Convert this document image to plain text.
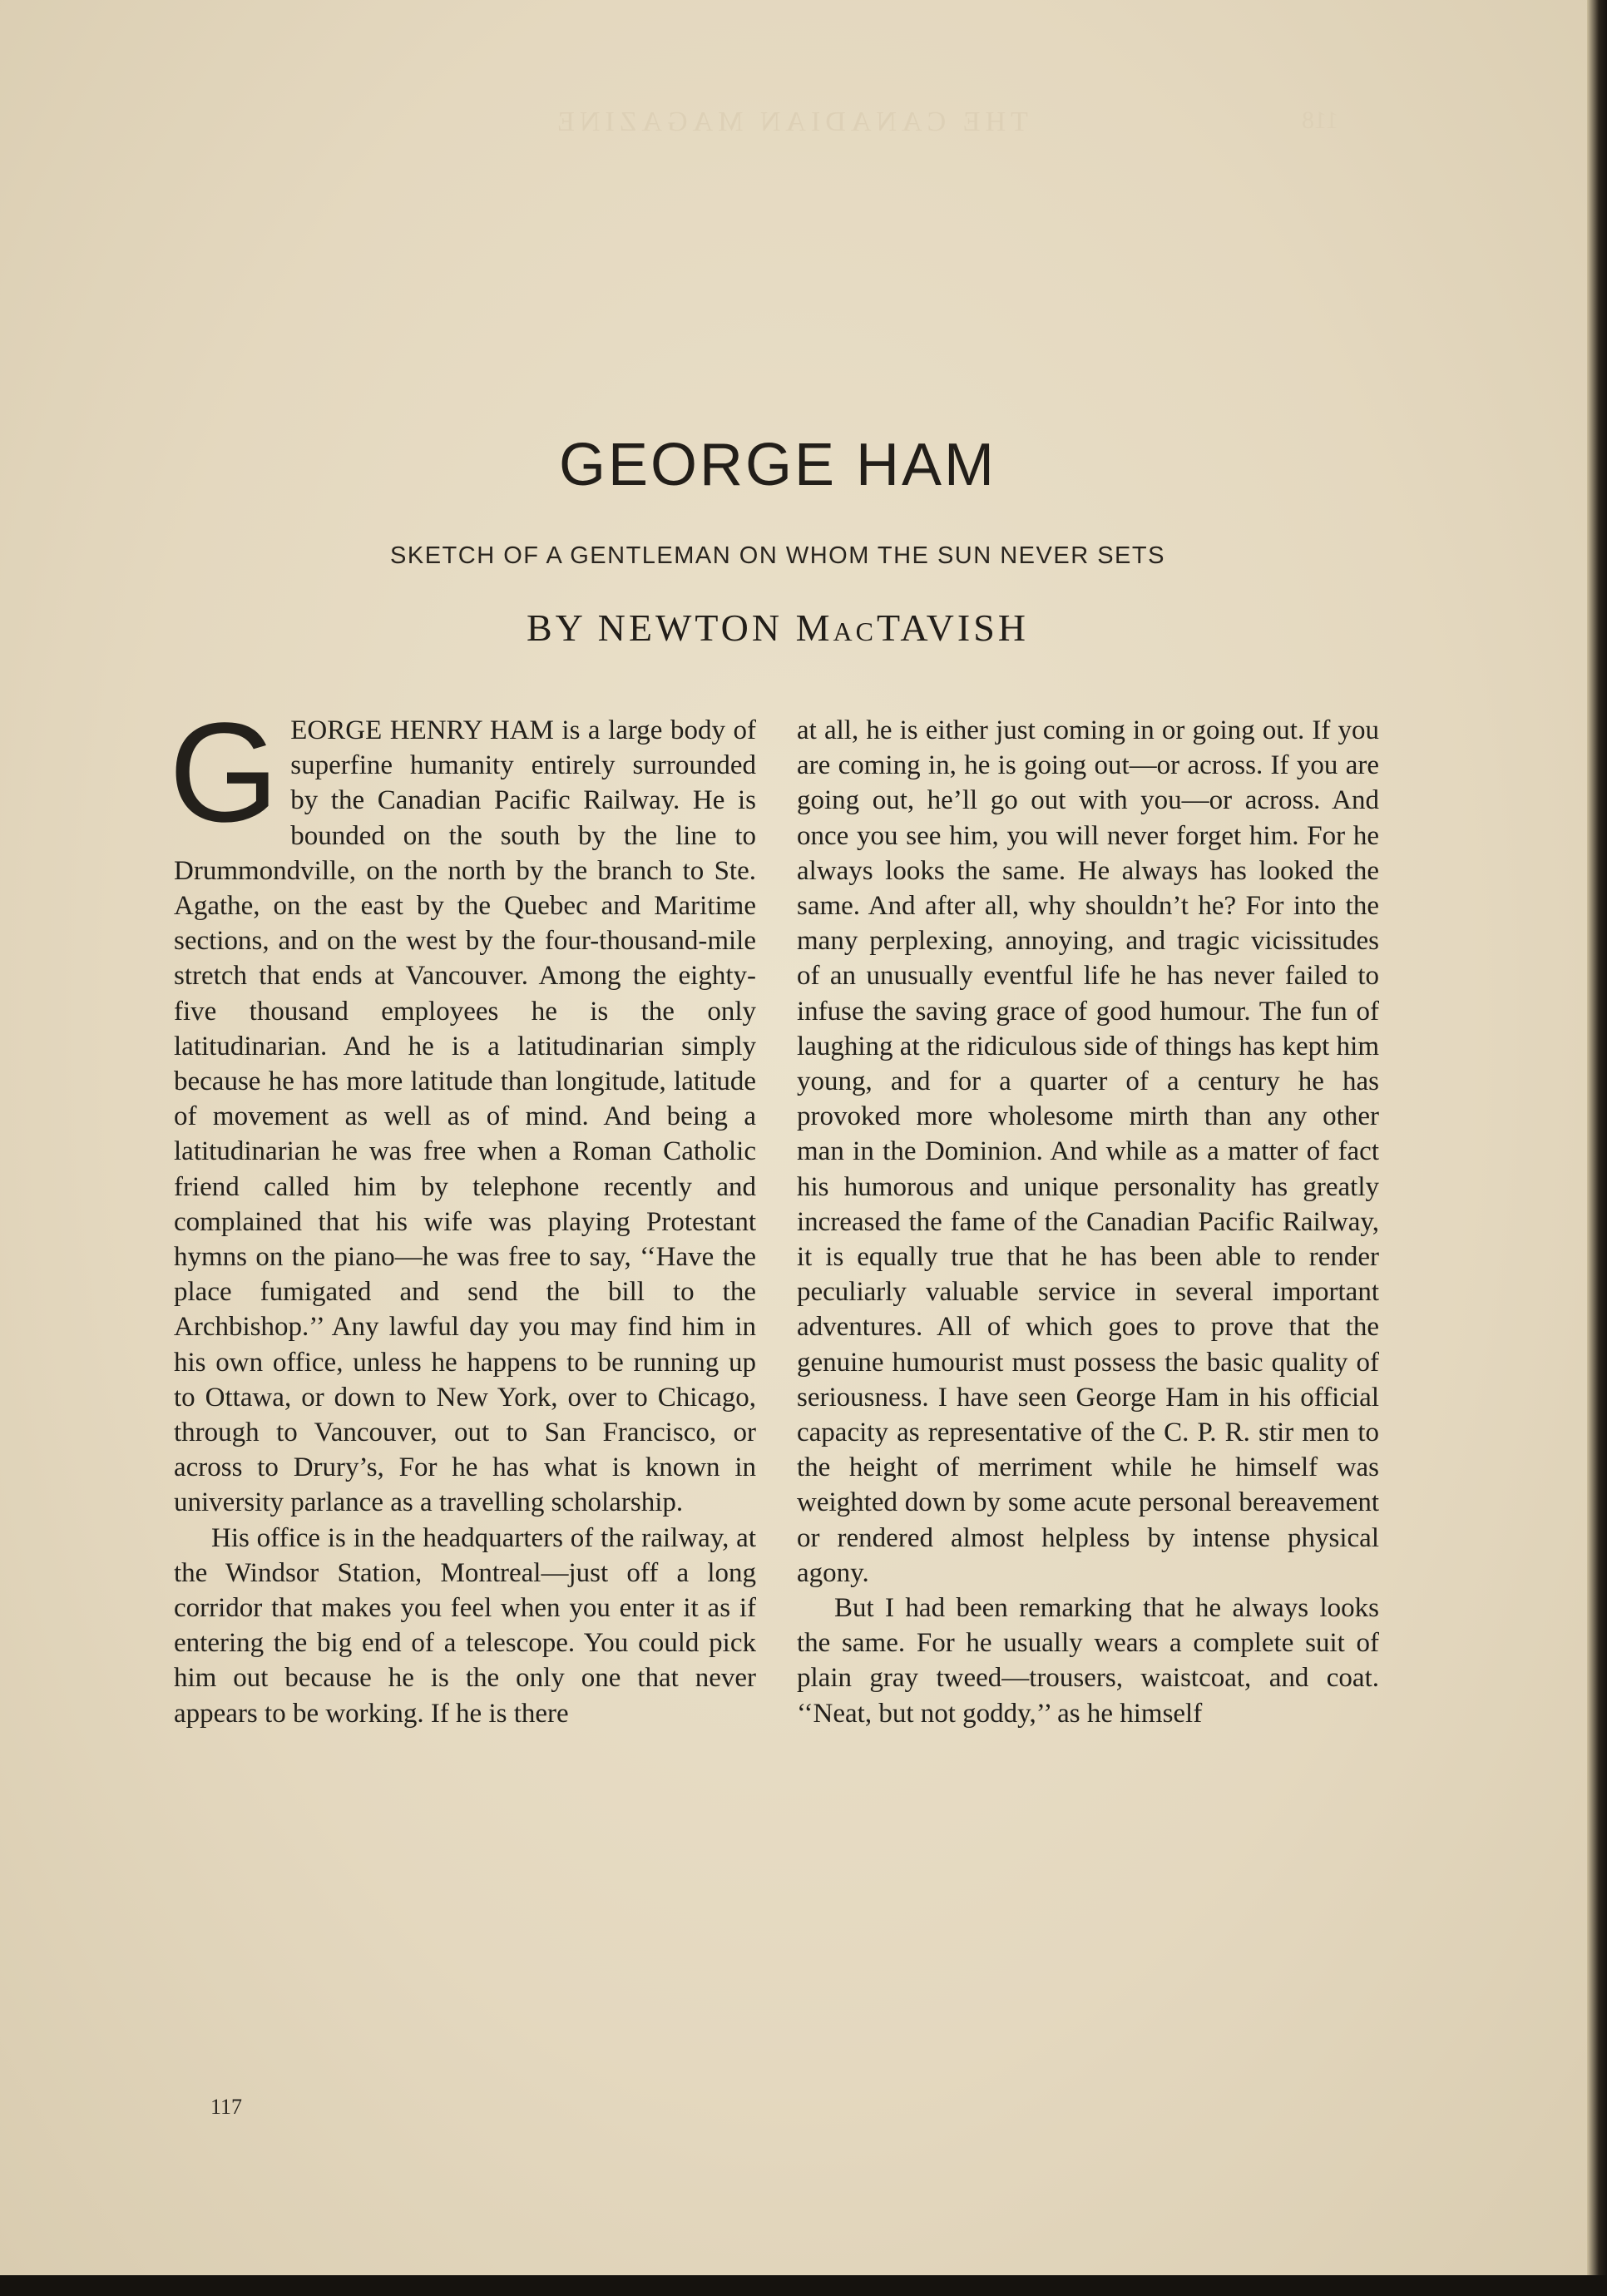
THE CANADIAN MAGAZINE	118
GEORGE HAM
SKETCH OF A GENTLEMAN ON WHOM THE SUN NEVER SETS
BY NEWTON MacTAVISH

GEORGE HENRY HAM is a large body of superfine humanity entirely surrounded by the Canadian Pacific Railway. He is bounded on the south by the line to Drummondville, on the north by the branch to Ste. Agathe, on the east by the Quebec and Maritime sections, and on the west by the four-thousand-mile stretch that ends at Vancouver. Among the eighty-five thousand employees he is the only latitudinarian. And he is a latitudinarian simply because he has more latitude than longitude, latitude of movement as well as of mind. And being a latitudinarian he was free when a Roman Catholic friend called him by telephone recently and complained that his wife was playing Protestant hymns on the piano—he was free to say, ‘‘Have the place fumigated and send the bill to the Archbishop.’’ Any lawful day you may find him in his own office, unless he happens to be running up to Ottawa, or down to New York, over to Chicago, through to Vancouver, out to San Francisco, or across to Drury’s, For he has what is known in university parlance as a travelling scholarship.

His office is in the headquarters of the railway, at the Windsor Station, Montreal—just off a long corridor that makes you feel when you enter it as if entering the big end of a telescope. You could pick him out because he is the only one that never appears to be working. If he is there

at all, he is either just coming in or going out. If you are coming in, he is going out—or across. If you are going out, he’ll go out with you—or across. And once you see him, you will never forget him. For he always looks the same. He always has looked the same. And after all, why shouldn’t he? For into the many perplexing, annoying, and tragic vicissitudes of an unusually eventful life he has never failed to infuse the saving grace of good humour. The fun of laughing at the ridiculous side of things has kept him young, and for a quarter of a century he has provoked more wholesome mirth than any other man in the Dominion. And while as a matter of fact his humorous and unique personality has greatly increased the fame of the Canadian Pacific Railway, it is equally true that he has been able to render peculiarly valuable service in several important adventures. All of which goes to prove that the genuine humourist must possess the basic quality of seriousness. I have seen George Ham in his official capacity as representative of the C. P. R. stir men to the height of merriment while he himself was weighted down by some acute personal bereavement or rendered almost helpless by intense physical agony.

But I had been remarking that he always looks the same. For he usually wears a complete suit of plain gray tweed—trousers, waistcoat, and coat. ‘‘Neat, but not goddy,’’ as he himself

117
